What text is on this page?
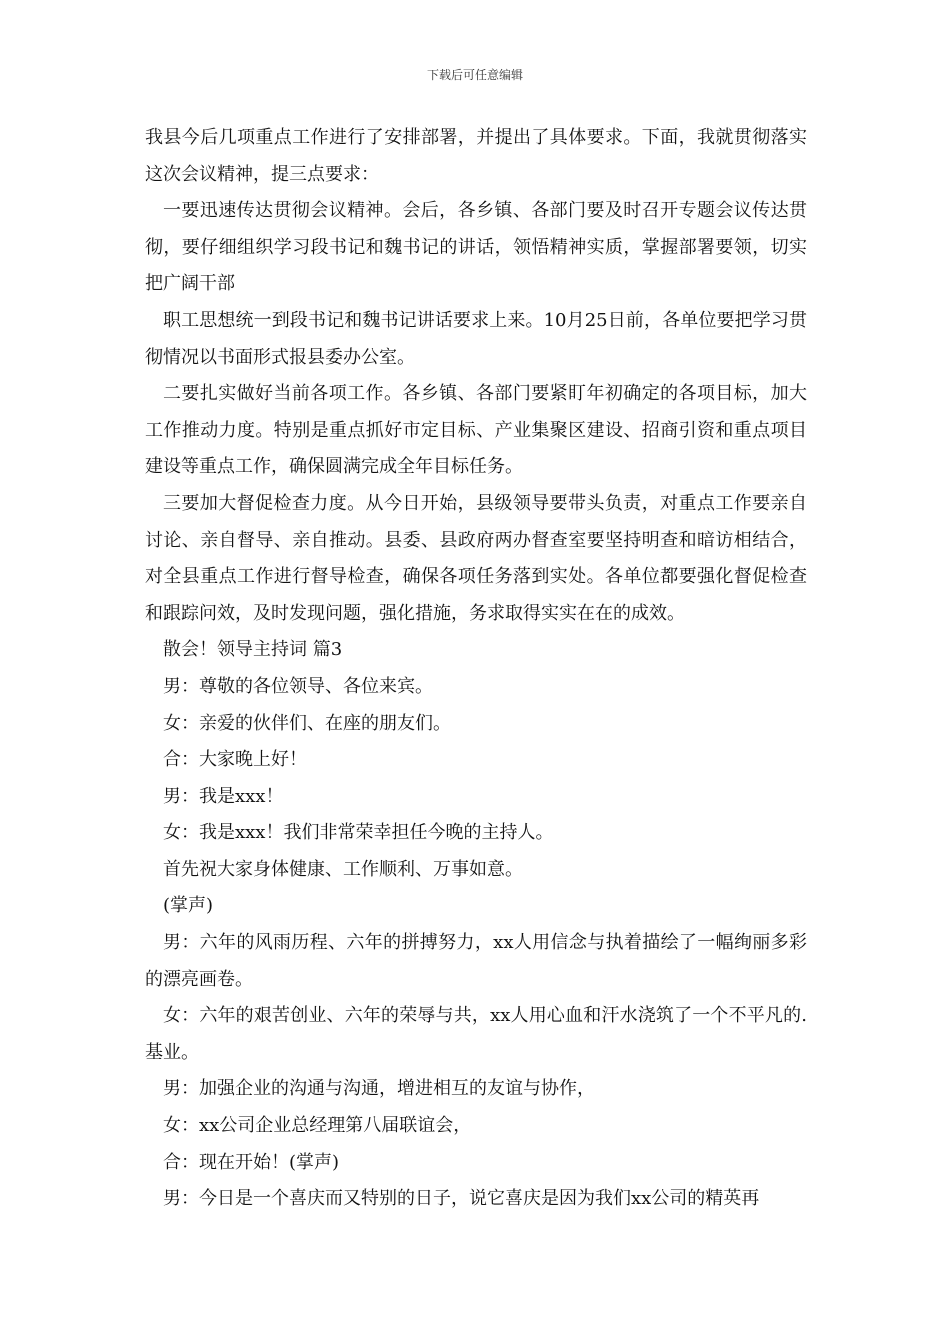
下载后可任意编辑

我县今后几项重点工作进行了安排部署，并提出了具体要求。下面，我就贯彻落实这次会议精神，提三点要求：

一要迅速传达贯彻会议精神。会后，各乡镇、各部门要及时召开专题会议传达贯彻，要仔细组织学习段书记和魏书记的讲话，领悟精神实质，掌握部署要领，切实把广阔干部

职工思想统一到段书记和魏书记讲话要求上来。10月25日前，各单位要把学习贯彻情况以书面形式报县委办公室。

二要扎实做好当前各项工作。各乡镇、各部门要紧盯年初确定的各项目标，加大工作推动力度。特别是重点抓好市定目标、产业集聚区建设、招商引资和重点项目建设等重点工作，确保圆满完成全年目标任务。

三要加大督促检查力度。从今日开始，县级领导要带头负责，对重点工作要亲自讨论、亲自督导、亲自推动。县委、县政府两办督查室要坚持明查和暗访相结合，对全县重点工作进行督导检查，确保各项任务落到实处。各单位都要强化督促检查和跟踪问效，及时发现问题，强化措施，务求取得实实在在的成效。

散会！领导主持词 篇3

男：尊敬的各位领导、各位来宾。

女：亲爱的伙伴们、在座的朋友们。

合：大家晚上好！

男：我是xxx！

女：我是xxx！我们非常荣幸担任今晚的主持人。

首先祝大家身体健康、工作顺利、万事如意。

(掌声)

男：六年的风雨历程、六年的拼搏努力，xx人用信念与执着描绘了一幅绚丽多彩的漂亮画卷。

女：六年的艰苦创业、六年的荣辱与共，xx人用心血和汗水浇筑了一个不平凡的.基业。

男：加强企业的沟通与沟通，增进相互的友谊与协作，

女：xx公司企业总经理第八届联谊会，

合：现在开始！(掌声)

男：今日是一个喜庆而又特别的日子，说它喜庆是因为我们xx公司的精英再
